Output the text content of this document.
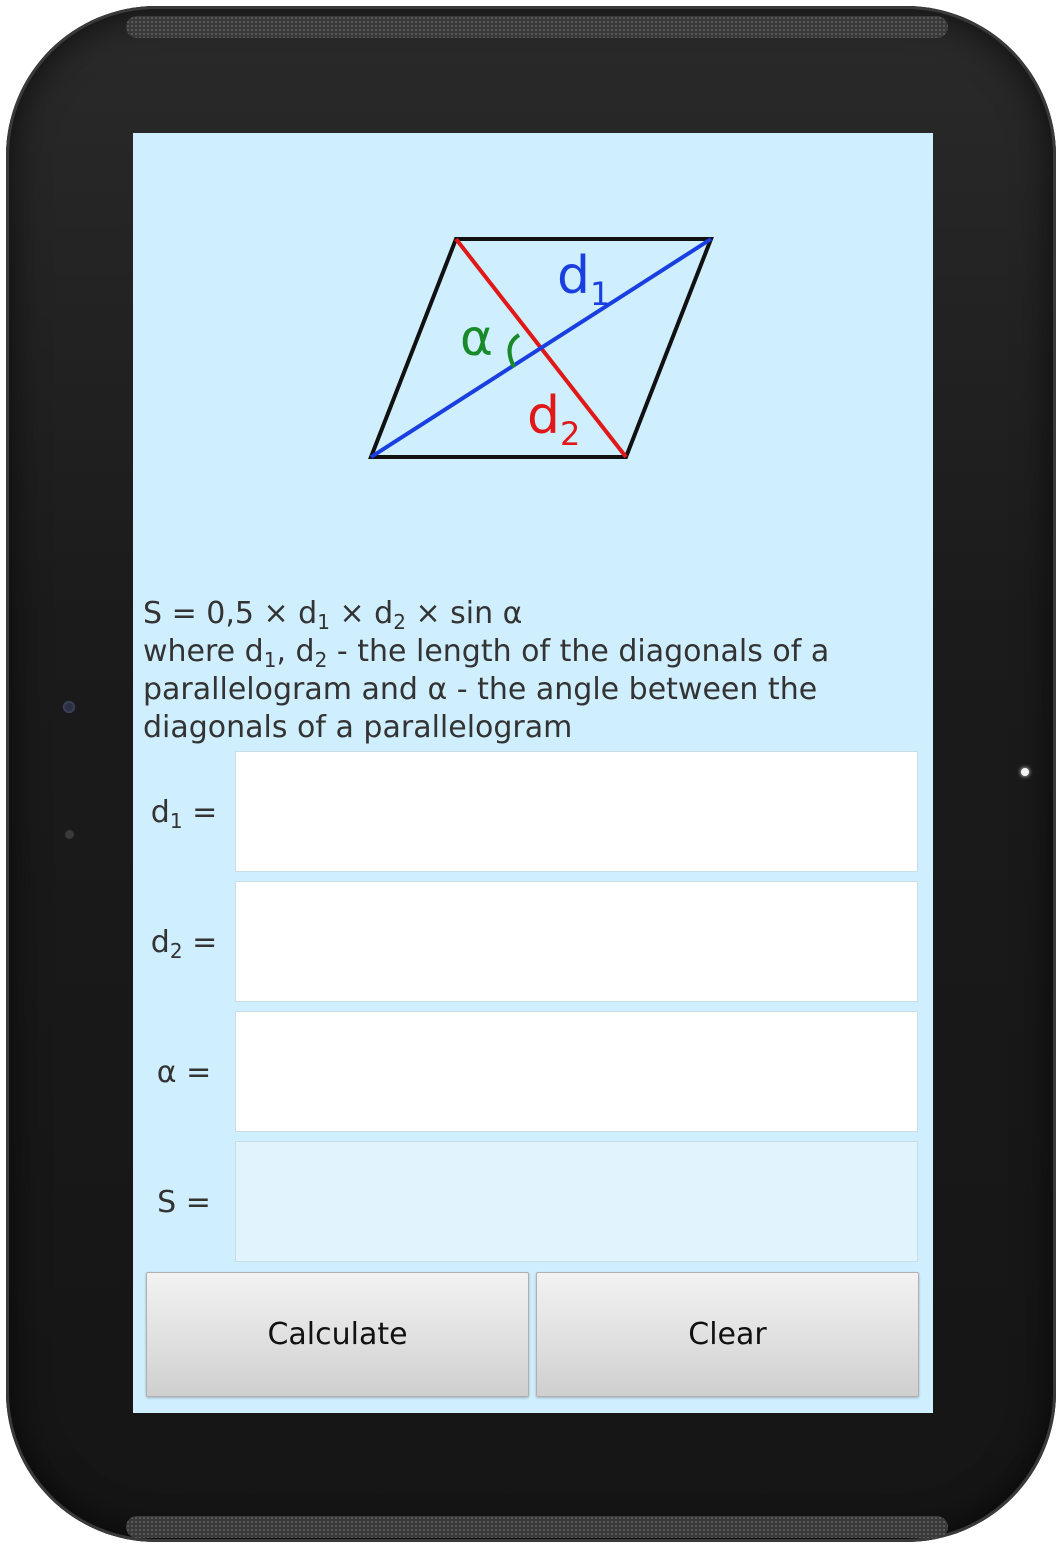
α
$d_1$
$d_2$
$S = 0,5 \times d_1 \times d_2 \times \sin \alpha$
where $d_1$, $d_2$ - the length of the diagonals of a parallelogram and α - the angle between the diagonals of a parallelogram
$d_1$ =
$d_2$ =
α =
S =
Calculate	Clear
